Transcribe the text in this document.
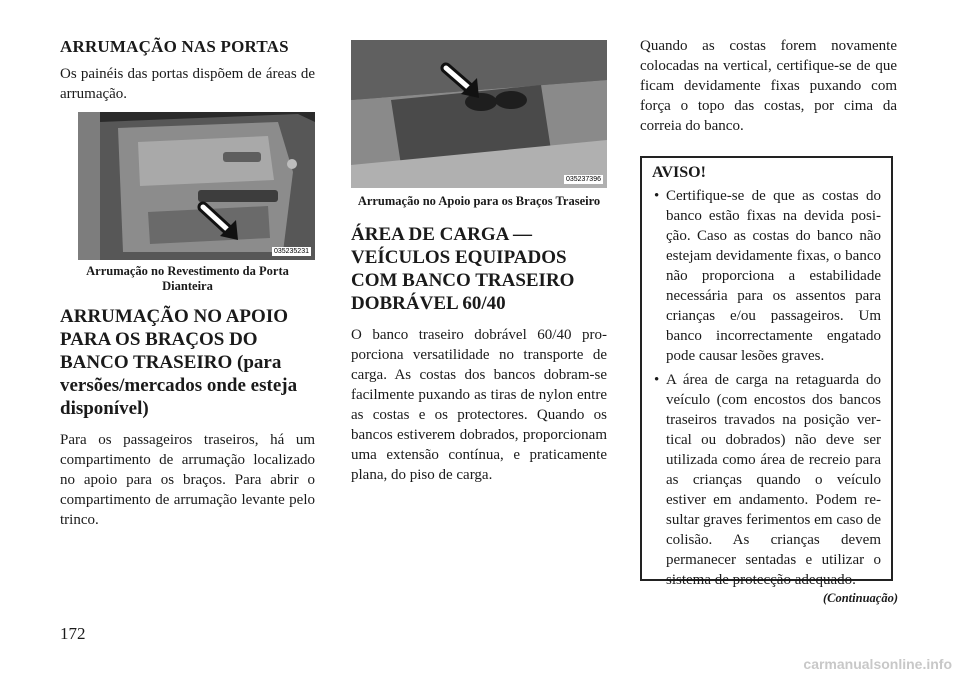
ARRUMAÇÃO NAS PORTAS

Os painéis das portas dispõem de áreas de arrumação.

035235231
Arrumação no Revestimento da Porta Dianteira
ARRUMAÇÃO NO APOIO PARA OS BRAÇOS DO BANCO TRASEIRO (para versões/mercados onde esteja disponível)

Para os passageiros traseiros, há um compartimento de arrumação localizado no apoio para os braços. Para abrir o compartimento de arrumação levante pelo trinco.

035237396
Arrumação no Apoio para os Braços Traseiro
ÁREA DE CARGA — VEÍCULOS EQUIPADOS COM BANCO TRASEIRO DOBRÁVEL 60/40

O banco traseiro dobrável 60/40 proporciona versatilidade no transporte de carga. As costas dos bancos dobram-se facilmente puxando as tiras de nylon entre as costas e os protectores. Quando os bancos estiverem dobrados, proporcionam uma extensão contínua, e praticamente plana, do piso de carga.

Quando as costas forem novamente colocadas na vertical, certifique-se de que ficam devidamente fixas puxando com força o topo das costas, por cima da correia do banco.

AVISO!
• Certifique-se de que as costas do banco estão fixas na devida posição. Caso as costas do banco não estejam devidamente fixas, o banco não proporciona a estabilidade necessária para os assentos para crianças e/ou passageiros. Um banco incorrectamente engatado pode causar lesões graves.
• A área de carga na retaguarda do veículo (com encostos dos bancos traseiros travados na posição vertical ou dobrados) não deve ser utilizada como área de recreio para as crianças quando o veículo estiver em andamento. Podem resultar graves ferimentos em caso de colisão. As crianças devem permanecer sentadas e utilizar o sistema de protecção adequado.
(Continuação)
172
carmanualsonline.info
